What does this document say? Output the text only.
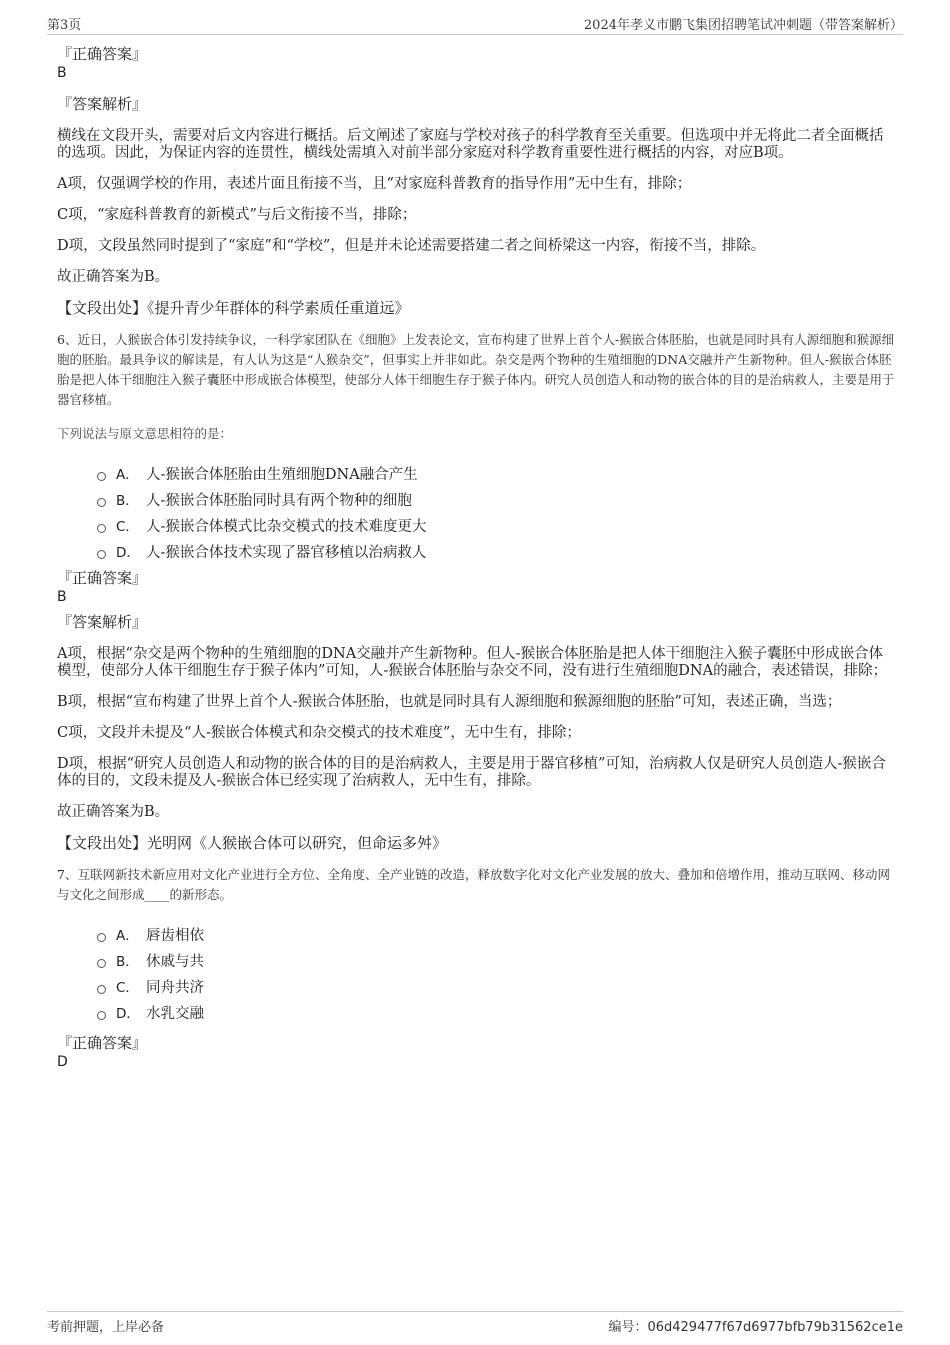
第3页	2024年孝义市鹏飞集团招聘笔试冲刺题（带答案解析）

『正确答案』

B

『答案解析』

横线在文段开头，需要对后文内容进行概括。后文阐述了家庭与学校对孩子的科学教育至关重要。但选项中并无将此二者全面概括的选项。因此，为保证内容的连贯性，横线处需填入对前半部分家庭对科学教育重要性进行概括的内容，对应B项。

A项，仅强调学校的作用，表述片面且衔接不当，且“对家庭科普教育的指导作用”无中生有，排除；

C项，“家庭科普教育的新模式”与后文衔接不当，排除；

D项，文段虽然同时提到了“家庭”和“学校”，但是并未论述需要搭建二者之间桥梁这一内容，衔接不当，排除。

故正确答案为B。

【文段出处】《提升青少年群体的科学素质任重道远》

6、近日，人猴嵌合体引发持续争议，一科学家团队在《细胞》上发表论文，宣布构建了世界上首个人-猴嵌合体胚胎，也就是同时具有人源细胞和猴源细胞的胚胎。最具争议的解读是，有人认为这是“人猴杂交”，但事实上并非如此。杂交是两个物种的生殖细胞的DNA交融并产生新物种。但人-猴嵌合体胚胎是把人体干细胞注入猴子囊胚中形成嵌合体模型，使部分人体干细胞生存于猴子体内。研究人员创造人和动物的嵌合体的目的是治病救人，主要是用于器官移植。

下列说法与原文意思相符的是：

A． 人-猴嵌合体胚胎由生殖细胞DNA融合产生
B． 人-猴嵌合体胚胎同时具有两个物种的细胞
C． 人-猴嵌合体模式比杂交模式的技术难度更大
D． 人-猴嵌合体技术实现了器官移植以治病救人

『正确答案』

B

『答案解析』

A项，根据“杂交是两个物种的生殖细胞的DNA交融并产生新物种。但人-猴嵌合体胚胎是把人体干细胞注入猴子囊胚中形成嵌合体模型，使部分人体干细胞生存于猴子体内”可知，人-猴嵌合体胚胎与杂交不同，没有进行生殖细胞DNA的融合，表述错误，排除；

B项，根据“宣布构建了世界上首个人-猴嵌合体胚胎，也就是同时具有人源细胞和猴源细胞的胚胎”可知，表述正确，当选；

C项，文段并未提及“人-猴嵌合体模式和杂交模式的技术难度”，无中生有，排除；

D项，根据“研究人员创造人和动物的嵌合体的目的是治病救人，主要是用于器官移植”可知，治病救人仅是研究人员创造人-猴嵌合体的目的，文段未提及人-猴嵌合体已经实现了治病救人，无中生有，排除。

故正确答案为B。

【文段出处】光明网《人猴嵌合体可以研究，但命运多舛》

7、互联网新技术新应用对文化产业进行全方位、全角度、全产业链的改造，释放数字化对文化产业发展的放大、叠加和倍增作用，推动互联网、移动网与文化之间形成____的新形态。

A． 唇齿相依
B． 休戚与共
C． 同舟共济
D． 水乳交融

『正确答案』

D

考前押题，上岸必备	编号：06d429477f67d6977bfb79b31562ce1e
